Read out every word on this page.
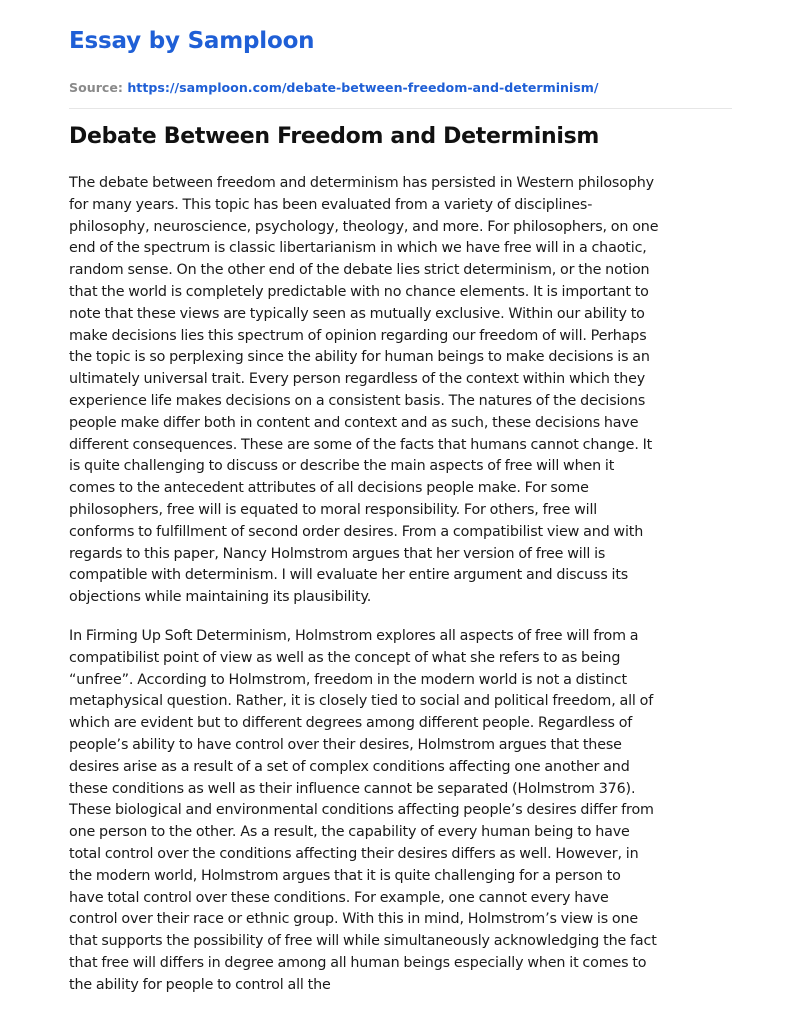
Essay by Samploon
Source: https://samploon.com/debate-between-freedom-and-determinism/
Debate Between Freedom and Determinism

The debate between freedom and determinism has persisted in Western philosophy
for many years. This topic has been evaluated from a variety of disciplines-
philosophy, neuroscience, psychology, theology, and more. For philosophers, on one
end of the spectrum is classic libertarianism in which we have free will in a chaotic,
random sense. On the other end of the debate lies strict determinism, or the notion
that the world is completely predictable with no chance elements. It is important to
note that these views are typically seen as mutually exclusive. Within our ability to
make decisions lies this spectrum of opinion regarding our freedom of will. Perhaps
the topic is so perplexing since the ability for human beings to make decisions is an
ultimately universal trait. Every person regardless of the context within which they
experience life makes decisions on a consistent basis. The natures of the decisions
people make differ both in content and context and as such, these decisions have
different consequences. These are some of the facts that humans cannot change. It
is quite challenging to discuss or describe the main aspects of free will when it
comes to the antecedent attributes of all decisions people make. For some
philosophers, free will is equated to moral responsibility. For others, free will
conforms to fulfillment of second order desires. From a compatibilist view and with
regards to this paper, Nancy Holmstrom argues that her version of free will is
compatible with determinism. I will evaluate her entire argument and discuss its
objections while maintaining its plausibility.

In Firming Up Soft Determinism, Holmstrom explores all aspects of free will from a
compatibilist point of view as well as the concept of what she refers to as being
“unfree”. According to Holmstrom, freedom in the modern world is not a distinct
metaphysical question. Rather, it is closely tied to social and political freedom, all of
which are evident but to different degrees among different people. Regardless of
people’s ability to have control over their desires, Holmstrom argues that these
desires arise as a result of a set of complex conditions affecting one another and
these conditions as well as their influence cannot be separated (Holmstrom 376).
These biological and environmental conditions affecting people’s desires differ from
one person to the other. As a result, the capability of every human being to have
total control over the conditions affecting their desires differs as well. However, in
the modern world, Holmstrom argues that it is quite challenging for a person to
have total control over these conditions. For example, one cannot every have
control over their race or ethnic group. With this in mind, Holmstrom’s view is one
that supports the possibility of free will while simultaneously acknowledging the fact
that free will differs in degree among all human beings especially when it comes to
the ability for people to control all the
